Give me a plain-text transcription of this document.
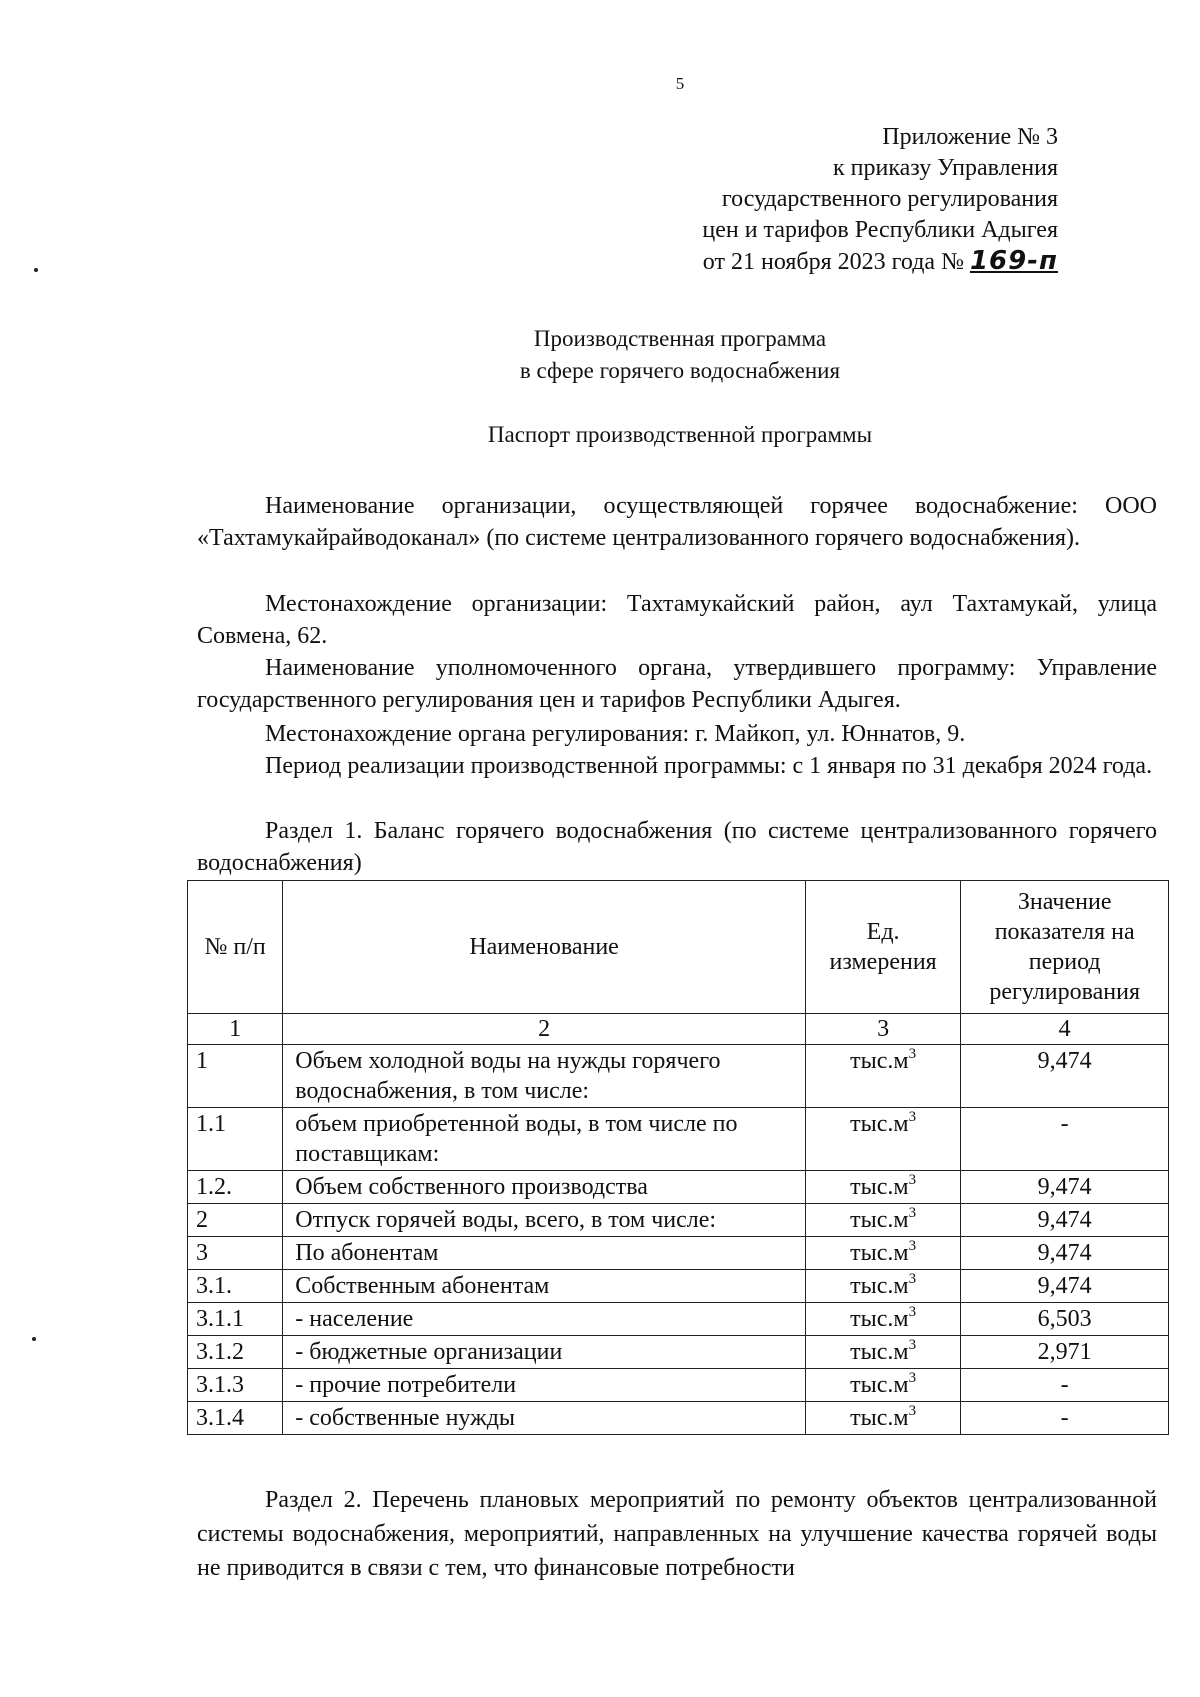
5
Приложение № 3
к приказу Управления
государственного регулирования
цен и тарифов Республики Адыгея
от 21 ноября 2023 года № 169-п
Производственная программа
в сфере горячего водоснабжения
Паспорт производственной программы

Наименование организации, осуществляющей горячее водоснабжение: ООО «Тахтамукайрайводоканал» (по системе централизованного горячего водоснабжения).

Местонахождение организации: Тахтамукайский район, аул Тахтамукай, улица Совмена, 62.

Наименование уполномоченного органа, утвердившего программу: Управление государственного регулирования цен и тарифов Республики Адыгея.

Местонахождение органа регулирования: г. Майкоп, ул. Юннатов, 9.

Период реализации производственной программы: с 1 января по 31 декабря 2024 года.

Раздел 1. Баланс горячего водоснабжения (по системе централизованного горячего водоснабжения)

№ п/п	Наименование	Ед. измерения	Значение показателя на период регулирования
1	2	3	4
1	Объем холодной воды на нужды горячего водоснабжения, в том числе:	$тыс.м^3$	9,474
1.1	объем приобретенной воды, в том числе по поставщикам:	$тыс.м^3$	-
1.2.	Объем собственного производства	$тыс.м^3$	9,474
2	Отпуск горячей воды, всего, в том числе:	$тыс.м^3$	9,474
3	По абонентам	$тыс.м^3$	9,474
3.1.	Собственным абонентам	$тыс.м^3$	9,474
3.1.1	- население	$тыс.м^3$	6,503
3.1.2	- бюджетные организации	$тыс.м^3$	2,971
3.1.3	- прочие потребители	$тыс.м^3$	-
3.1.4	- собственные нужды	$тыс.м^3$	-

Раздел 2. Перечень плановых мероприятий по ремонту объектов централизованной системы водоснабжения, мероприятий, направленных на улучшение качества горячей воды не приводится в связи с тем, что финансовые потребности
